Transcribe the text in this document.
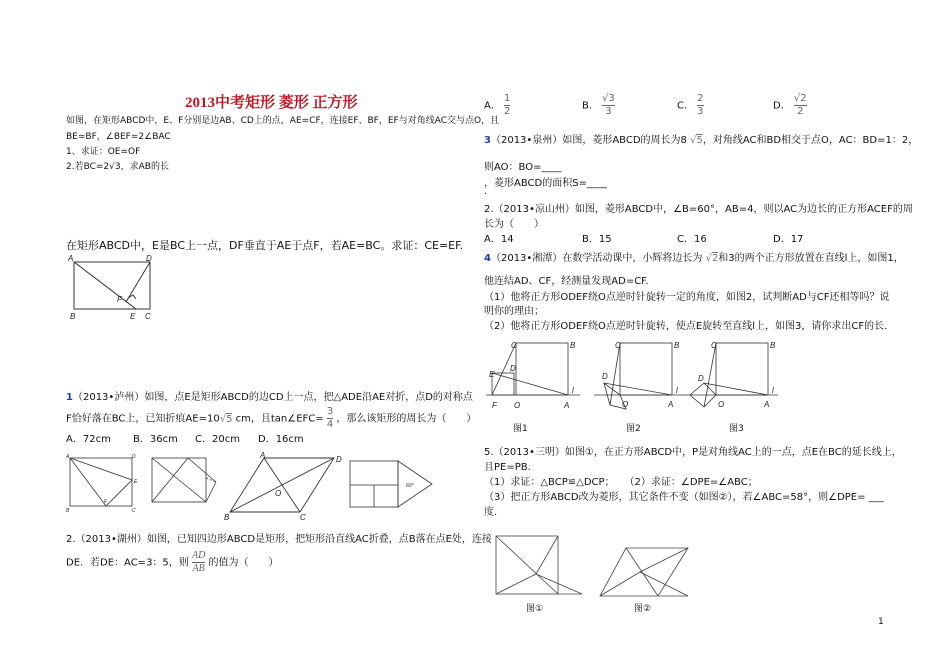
2013中考矩形 菱形 正方形
如图，在矩形ABCD中，E、F分别是边AB、CD上的点，AE=CF，连接EF、BF，EF与对角线AC交与点O，且
BE=BF，∠BEF=2∠BAC
1、求证：OE=OF
2.若BC=2√3，求AB的长
在矩形ABCD中，E是BC上一点，DF垂直于AE于点F，若AE=BC。求证：CE=EF.
A	D
F
B	E C
1（2013•泸州）如图，点E是矩形ABCD的边CD上一点，把△ADE沿AE对折，点D的对称点
F恰好落在BC上，已知折痕AE=10√5 cm，且tan∠EFC= $\frac{3}{4}$ ，那么该矩形的周长为（　　）
A．72cm B．36cm C．20cm D．16cm
A	D
F
E
B	C
A	D
O
B	C
60°
2.（2013•湖州）如图，已知四边形ABCD是矩形，把矩形沿直线AC折叠，点B落在点E处，连接
DE．若DE：AC=3：5，则 $\frac{AD}{AB}$ 的值为（　　）
A． $\frac{1}{2}$	B． $\frac{√3}{3}$	C． $\frac{2}{3}$	D． $\frac{√2}{2}$
3（2013•泉州）如图，菱形ABCD的周长为8 √5，对角线AC和BD相交于点O，AC：BD=1：2，
则AO：BO=____
，菱形ABCD的面积S=____
.
2.（2013•凉山州）如图，菱形ABCD中，∠B=60°，AB=4，则以AC为边长的正方形ACEF的周
长为（　　）
A．14	B．15	C．16	D．17
4（2013•湘潭）在数学活动课中，小辉将边长为 √2和3的两个正方形放置在直线l上，如图1，
他连结AD、CF，经测量发现AD=CF.
（1）他将正方形ODEF绕O点逆时针旋转一定的角度，如图2，试判断AD与CF还相等吗？说
明你的理由；
（2）他将正方形ODEF绕O点逆时针旋转，使点E旋转至直线l上，如图3，请你求出CF的长.
C	B
E
D
F O	A
l
图1
C	B
D
O	A
l
图2
C	B
D
O	A
l
图3
5.（2013•三明）如图①，在正方形ABCD中，P是对角线AC上的一点，点E在BC的延长线上，
且PE=PB.
（1）求证：△BCP≌△DCP；　　（2）求证：∠DPE=∠ABC；
（3）把正方形ABCD改为菱形，其它条件不变（如图②），若∠ABC=58°，则∠DPE= ___
度.
图①	图②
1
